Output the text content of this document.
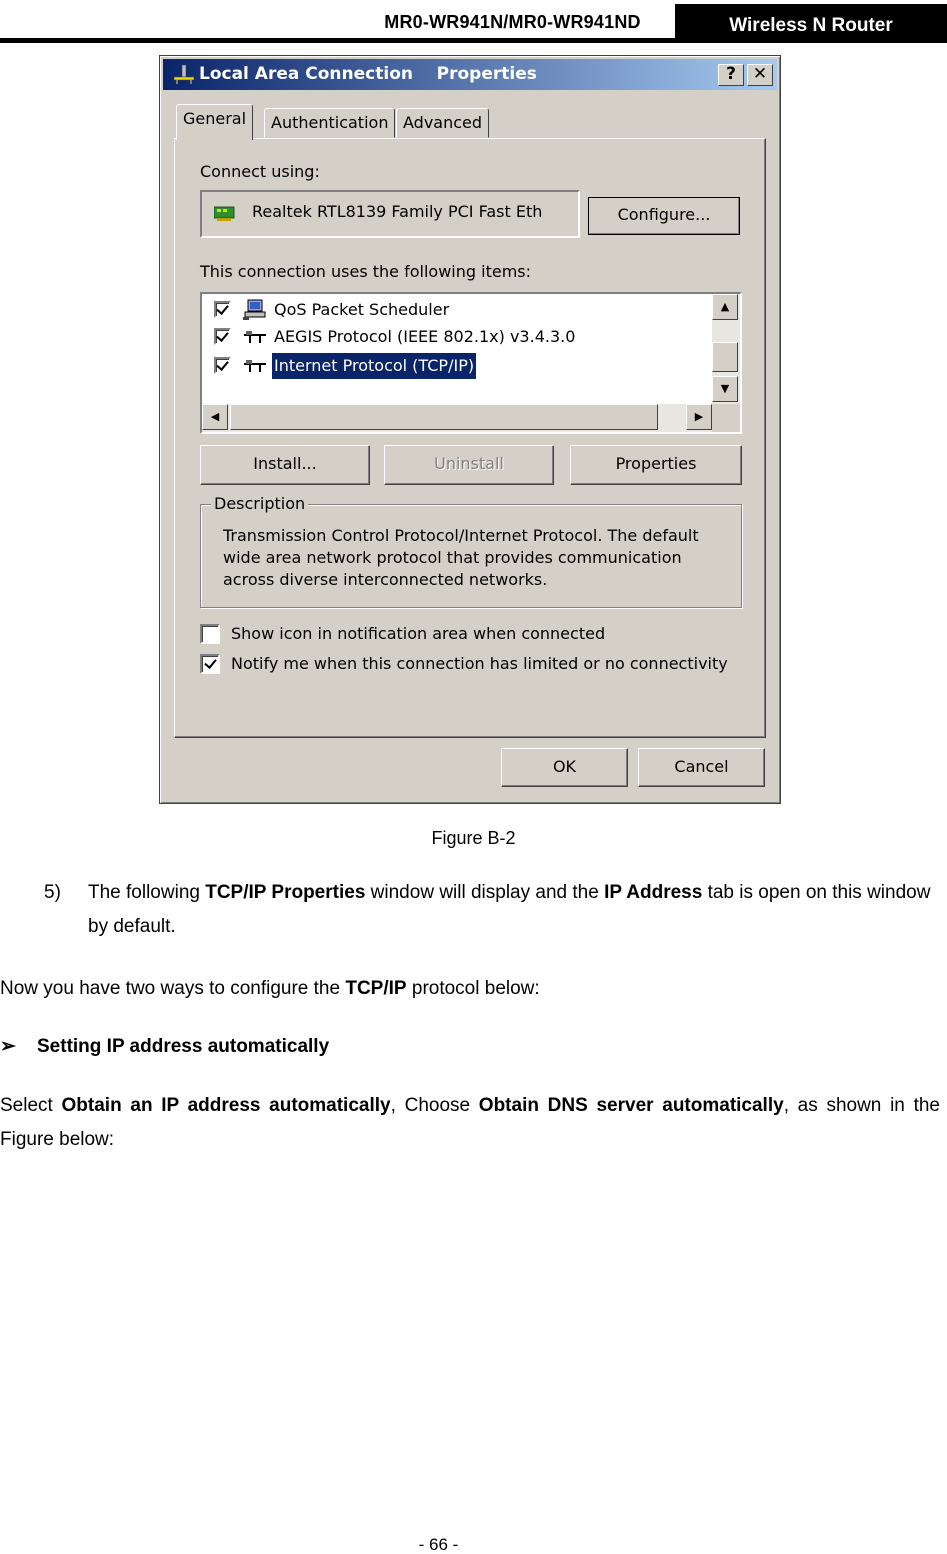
MR0-WR941N/MR0-WR941ND	Wireless N Router
Local Area Connection    Properties	? ✕
General	Authentication Advanced
Connect using:
Realtek RTL8139 Family PCI Fast Eth	Configure...
This connection uses the following items:
QoS Packet Scheduler
AEGIS Protocol (IEEE 802.1x) v3.4.3.0
Internet Protocol (TCP/IP)
▲
▼
◀	▶
Install...	Uninstall	Properties
Description
Transmission Control Protocol/Internet Protocol. The default wide area network protocol that provides communication across diverse interconnected networks.
Show icon in notification area when connected
Notify me when this connection has limited or no connectivity
OK	Cancel
Figure B-2
5) The following TCP/IP Properties window will display and the IP Address tab is open on this window by default.
Now you have two ways to configure the TCP/IP protocol below:
➢ Setting IP address automatically
Select Obtain an IP address automatically, Choose Obtain DNS server automatically, as shown in the Figure below:
- 66 -
